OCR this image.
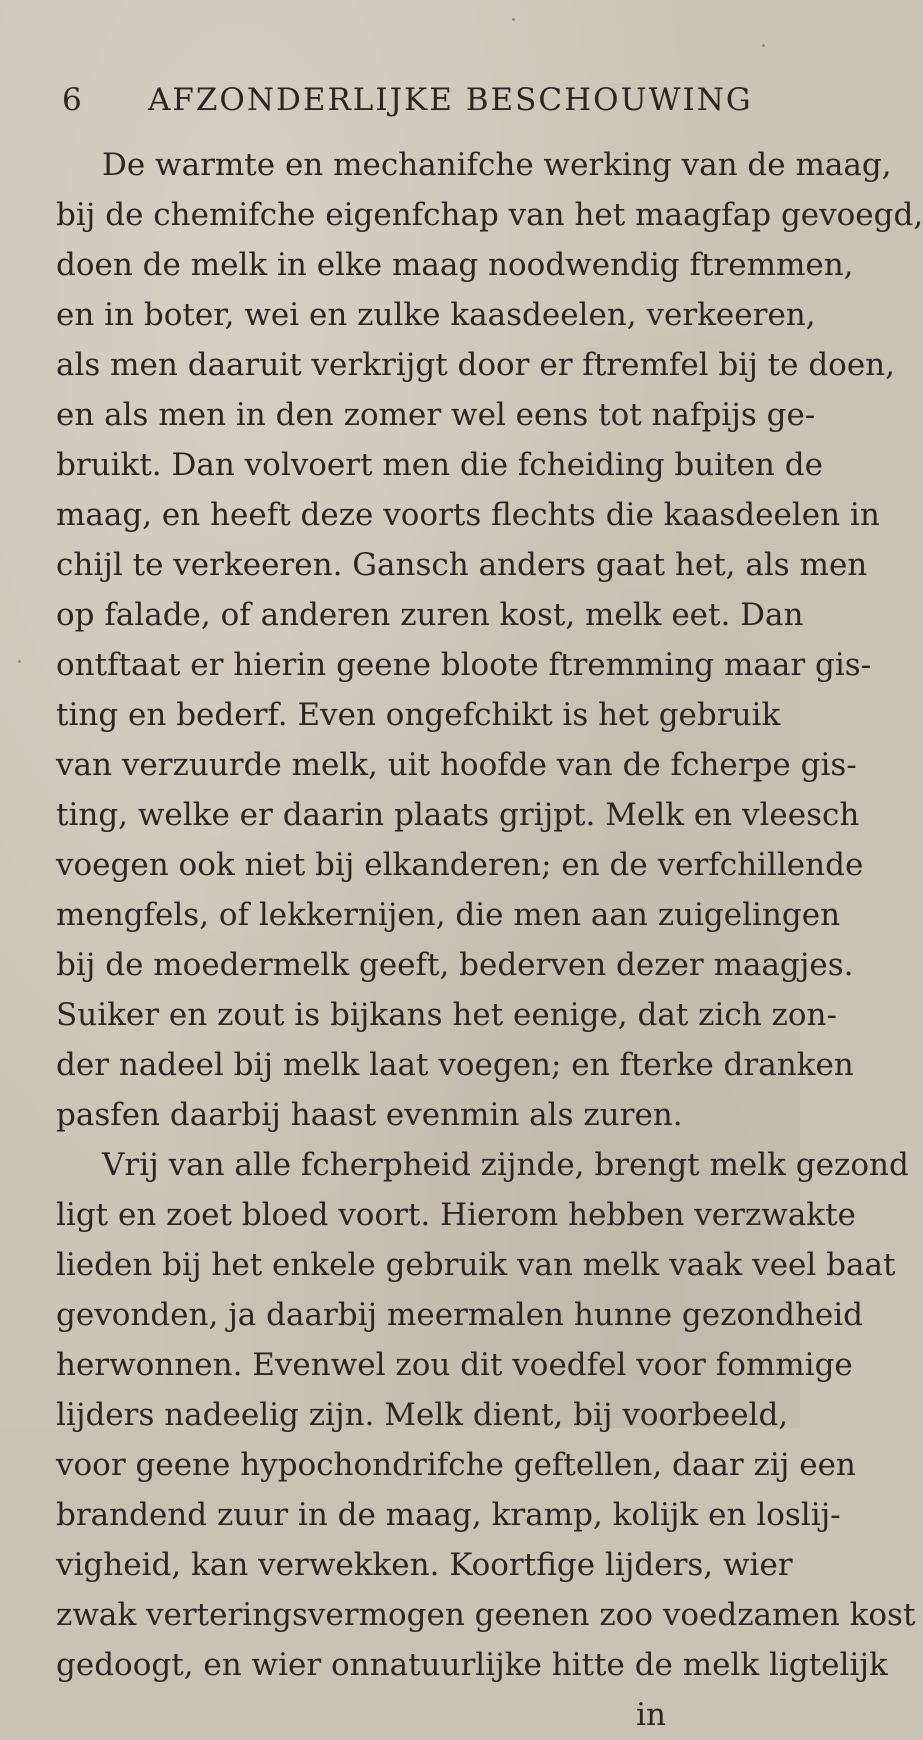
6 AFZONDERLIJKE BESCHOUWING
De warmte en mechanifche werking van de maag,
bij de chemifche eigenfchap van het maagfap gevoegd,
doen de melk in elke maag noodwendig ftremmen,
en in boter, wei en zulke kaasdeelen, verkeeren,
als men daaruit verkrijgt door er ftremfel bij te doen,
en als men in den zomer wel eens tot nafpijs ge-
bruikt. Dan volvoert men die fcheiding buiten de
maag, en heeft deze voorts flechts die kaasdeelen in
chijl te verkeeren. Gansch anders gaat het, als men
op falade, of anderen zuren kost, melk eet. Dan
ontftaat er hierin geene bloote ftremming maar gis-
ting en bederf. Even ongefchikt is het gebruik
van verzuurde melk, uit hoofde van de fcherpe gis-
ting, welke er daarin plaats grijpt. Melk en vleesch
voegen ook niet bij elkanderen; en de verfchillende
mengfels, of lekkernijen, die men aan zuigelingen
bij de moedermelk geeft, bederven dezer maagjes.
Suiker en zout is bijkans het eenige, dat zich zon-
der nadeel bij melk laat voegen; en fterke dranken
pasfen daarbij haast evenmin als zuren.
Vrij van alle fcherpheid zijnde, brengt melk gezond
ligt en zoet bloed voort. Hierom hebben verzwakte
lieden bij het enkele gebruik van melk vaak veel baat
gevonden, ja daarbij meermalen hunne gezondheid
herwonnen. Evenwel zou dit voedfel voor fommige
lijders nadeelig zijn. Melk dient, bij voorbeeld,
voor geene hypochondrifche geftellen, daar zij een
brandend zuur in de maag, kramp, kolijk en loslij-
vigheid, kan verwekken. Koortfige lijders, wier
zwak verteringsvermogen geenen zoo voedzamen kost
gedoogt, en wier onnatuurlijke hitte de melk ligtelijk
in
